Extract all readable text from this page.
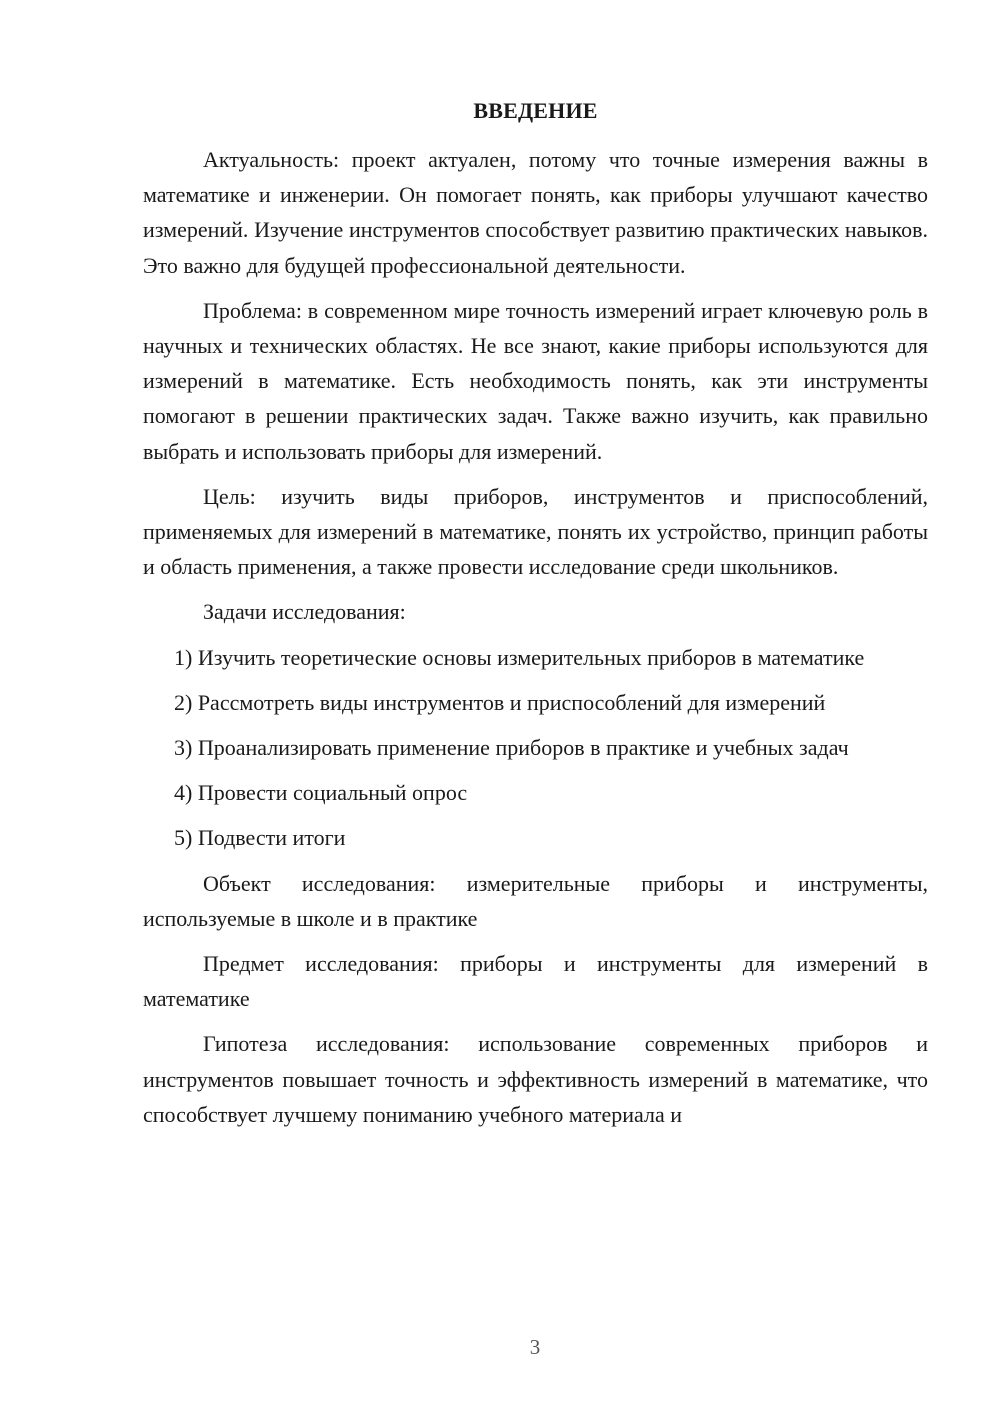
ВВЕДЕНИЕ

Актуальность: проект актуален, потому что точные измерения важны в математике и инженерии. Он помогает понять, как приборы улучшают качество измерений. Изучение инструментов способствует развитию практических навыков. Это важно для будущей профессиональной деятельности.

Проблема: в современном мире точность измерений играет ключевую роль в научных и технических областях. Не все знают, какие приборы используются для измерений в математике. Есть необходимость понять, как эти инструменты помогают в решении практических задач. Также важно изучить, как правильно выбрать и использовать приборы для измерений.

Цель: изучить виды приборов, инструментов и приспособлений, применяемых для измерений в математике, понять их устройство, принцип работы и область применения, а также провести исследование среди школьников.

Задачи исследования:

1) Изучить теоретические основы измерительных приборов в математике

2) Рассмотреть виды инструментов и приспособлений для измерений

3) Проанализировать применение приборов в практике и учебных задач

4) Провести социальный опрос

5) Подвести итоги

Объект исследования: измерительные приборы и инструменты, используемые в школе и в практике

Предмет исследования: приборы и инструменты для измерений в математике

Гипотеза исследования: использование современных приборов и инструментов повышает точность и эффективность измерений в математике, что способствует лучшему пониманию учебного материала и

3
